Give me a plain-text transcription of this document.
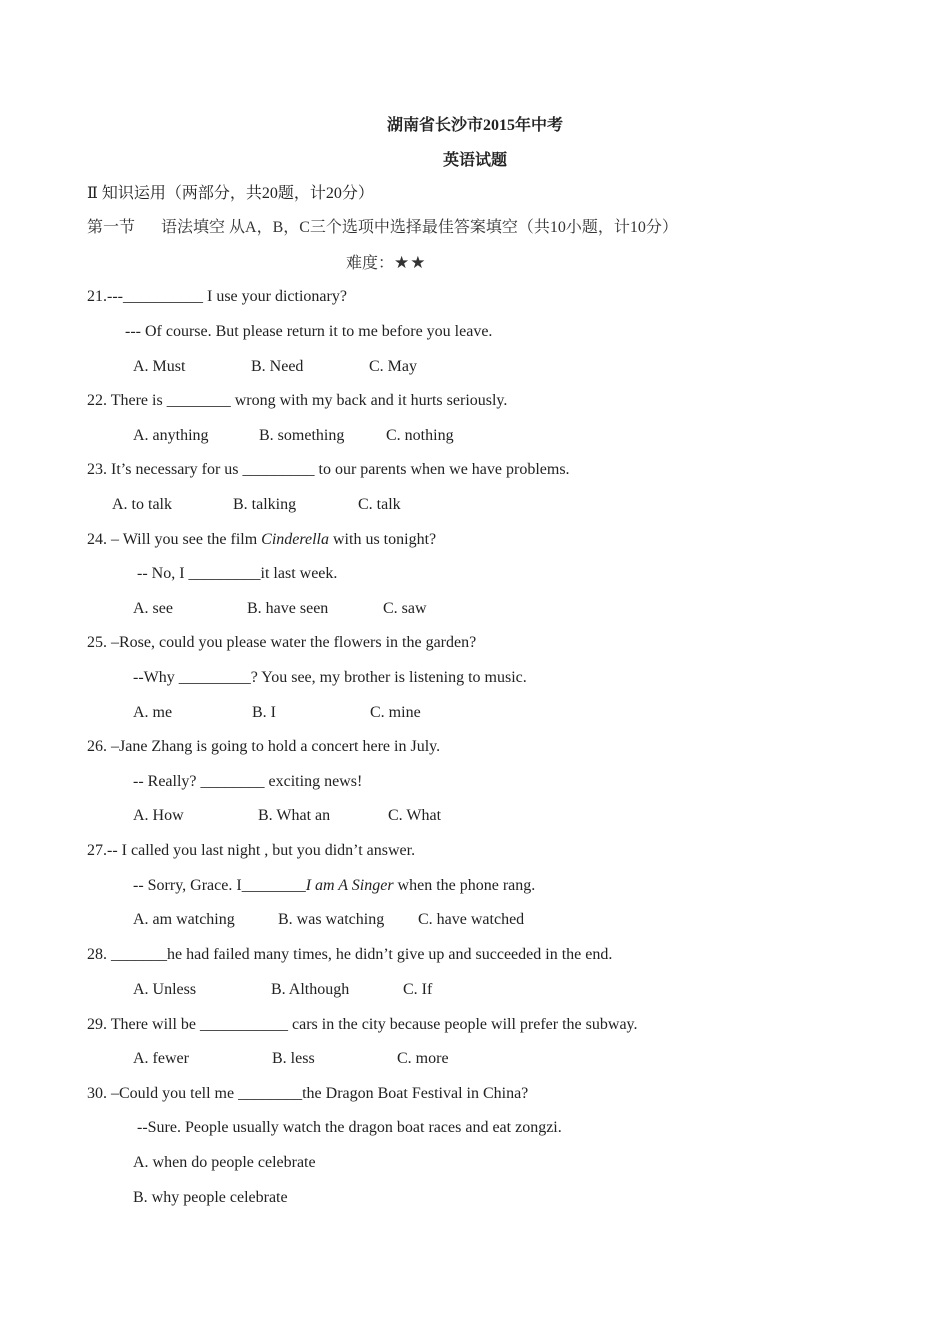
湖南省长沙市2015年中考
英语试题
Ⅱ 知识运用（两部分，共20题，计20分）
第一节 语法填空 从A，B，C三个选项中选择最佳答案填空（共10小题，计10分）
难度：★★
21.---__________ I use your dictionary?
--- Of course. But please return it to me before you leave.
A. Must	B. Need	C. May
22. There is ________ wrong with my back and it hurts seriously.
A. anything	B. something	C. nothing
23. It’s necessary for us _________ to our parents when we have problems.
A. to talk	B. talking	C. talk
24. – Will you see the film Cinderella with us tonight?
-- No, I _________it last week.
A. see	B. have seen	C. saw
25. –Rose, could you please water the flowers in the garden?
--Why _________? You see, my brother is listening to music.
A. me	B. I	C. mine
26. –Jane Zhang is going to hold a concert here in July.
-- Really? ________ exciting news!
A. How	B. What an	C. What
27.-- I called you last night , but you didn’t answer.
-- Sorry, Grace. I________I am A Singer when the phone rang.
A. am watching	B. was watching C. have watched
28. _______he had failed many times, he didn’t give up and succeeded in the end.
A. Unless	B. Although	C. If
29. There will be ___________ cars in the city because people will prefer the subway.
A. fewer	B. less	C. more
30. –Could you tell me ________the Dragon Boat Festival in China?
--Sure. People usually watch the dragon boat races and eat zongzi.
A. when do people celebrate
B. why people celebrate
